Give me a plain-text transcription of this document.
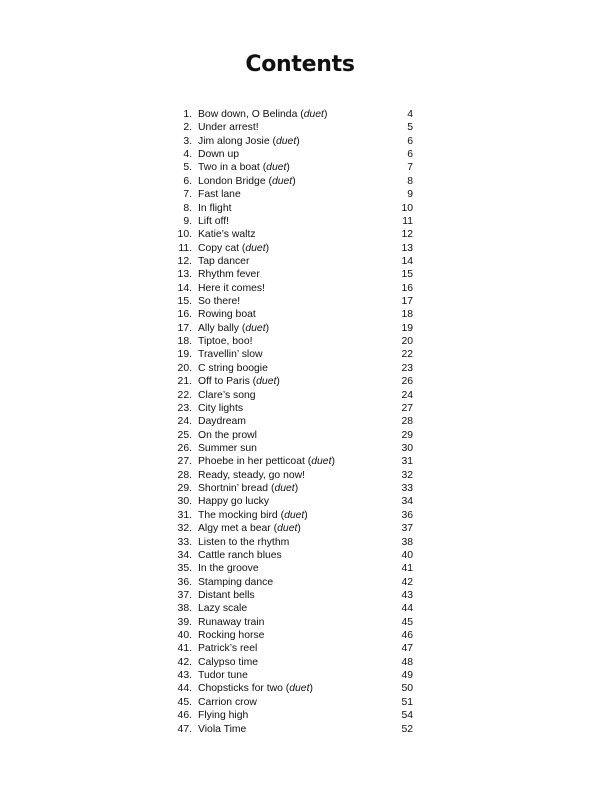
Contents
1. Bow down, O Belinda (duet)	4
2. Under arrest!	5
3. Jim along Josie (duet)	6
4. Down up	6
5. Two in a boat (duet)	7
6. London Bridge (duet)	8
7. Fast lane	9
8. In flight	10
9. Lift off!	11
10. Katie’s waltz	12
11. Copy cat (duet)	13
12. Tap dancer	14
13. Rhythm fever	15
14. Here it comes!	16
15. So there!	17
16. Rowing boat	18
17. Ally bally (duet)	19
18. Tiptoe, boo!	20
19. Travellin’ slow	22
20. C string boogie	23
21. Off to Paris (duet)	26
22. Clare’s song	24
23. City lights	27
24. Daydream	28
25. On the prowl	29
26. Summer sun	30
27. Phoebe in her petticoat (duet)	31
28. Ready, steady, go now!	32
29. Shortnin’ bread (duet)	33
30. Happy go lucky	34
31. The mocking bird (duet)	36
32. Algy met a bear (duet)	37
33. Listen to the rhythm	38
34. Cattle ranch blues	40
35. In the groove	41
36. Stamping dance	42
37. Distant bells	43
38. Lazy scale	44
39. Runaway train	45
40. Rocking horse	46
41. Patrick’s reel	47
42. Calypso time	48
43. Tudor tune	49
44. Chopsticks for two (duet)	50
45. Carrion crow	51
46. Flying high	54
47. Viola Time	52
